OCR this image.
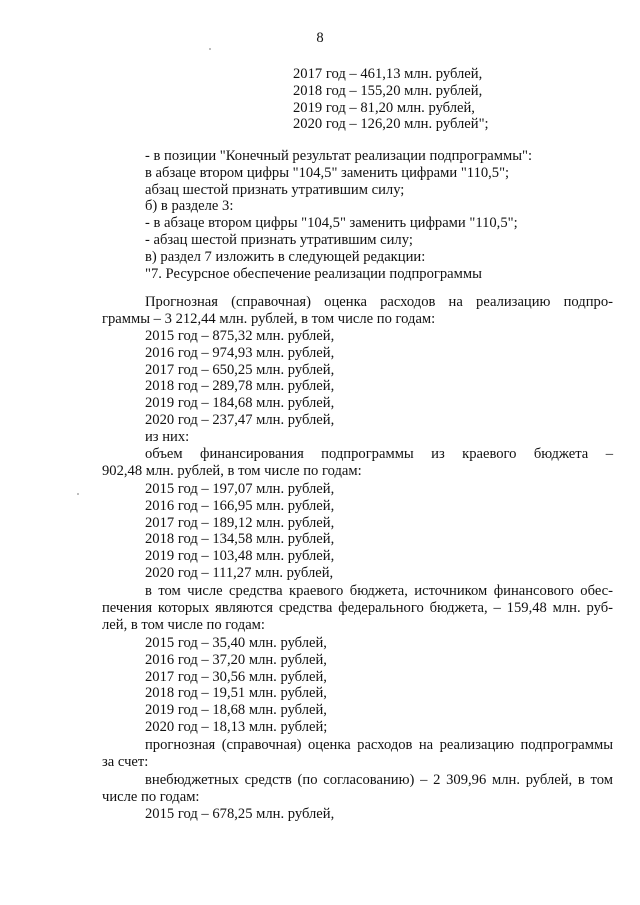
8
2017 год – 461,13 млн. рублей,
2018 год – 155,20 млн. рублей,
2019 год – 81,20 млн. рублей,
2020 год – 126,20 млн. рублей";
- в позиции "Конечный результат реализации подпрограммы":
в абзаце втором цифры "104,5" заменить цифрами "110,5";
абзац шестой признать утратившим силу;
б) в разделе 3:
- в абзаце втором цифры "104,5" заменить цифрами "110,5";
- абзац шестой признать утратившим силу;
в) раздел 7 изложить в следующей редакции:
"7. Ресурсное обеспечение реализации подпрограммы
Прогнозная (справочная) оценка расходов на реализацию подпро-
граммы – 3 212,44 млн. рублей, в том числе по годам:
2015 год – 875,32 млн. рублей,
2016 год – 974,93 млн. рублей,
2017 год – 650,25 млн. рублей,
2018 год – 289,78 млн. рублей,
2019 год – 184,68 млн. рублей,
2020 год – 237,47 млн. рублей,
из них:
объем финансирования подпрограммы из краевого бюджета –
902,48 млн. рублей, в том числе по годам:
2015 год – 197,07 млн. рублей,
2016 год – 166,95 млн. рублей,
2017 год – 189,12 млн. рублей,
2018 год – 134,58 млн. рублей,
2019 год – 103,48 млн. рублей,
2020 год – 111,27 млн. рублей,
в том числе средства краевого бюджета, источником финансового обес-
печения которых являются средства федерального бюджета, – 159,48 млн. руб-
лей, в том числе по годам:
2015 год – 35,40 млн. рублей,
2016 год – 37,20 млн. рублей,
2017 год – 30,56 млн. рублей,
2018 год – 19,51 млн. рублей,
2019 год – 18,68 млн. рублей,
2020 год – 18,13 млн. рублей;
прогнозная (справочная) оценка расходов на реализацию подпрограммы
за счет:
внебюджетных средств (по согласованию) – 2 309,96 млн. рублей, в том
числе по годам:
2015 год – 678,25 млн. рублей,
